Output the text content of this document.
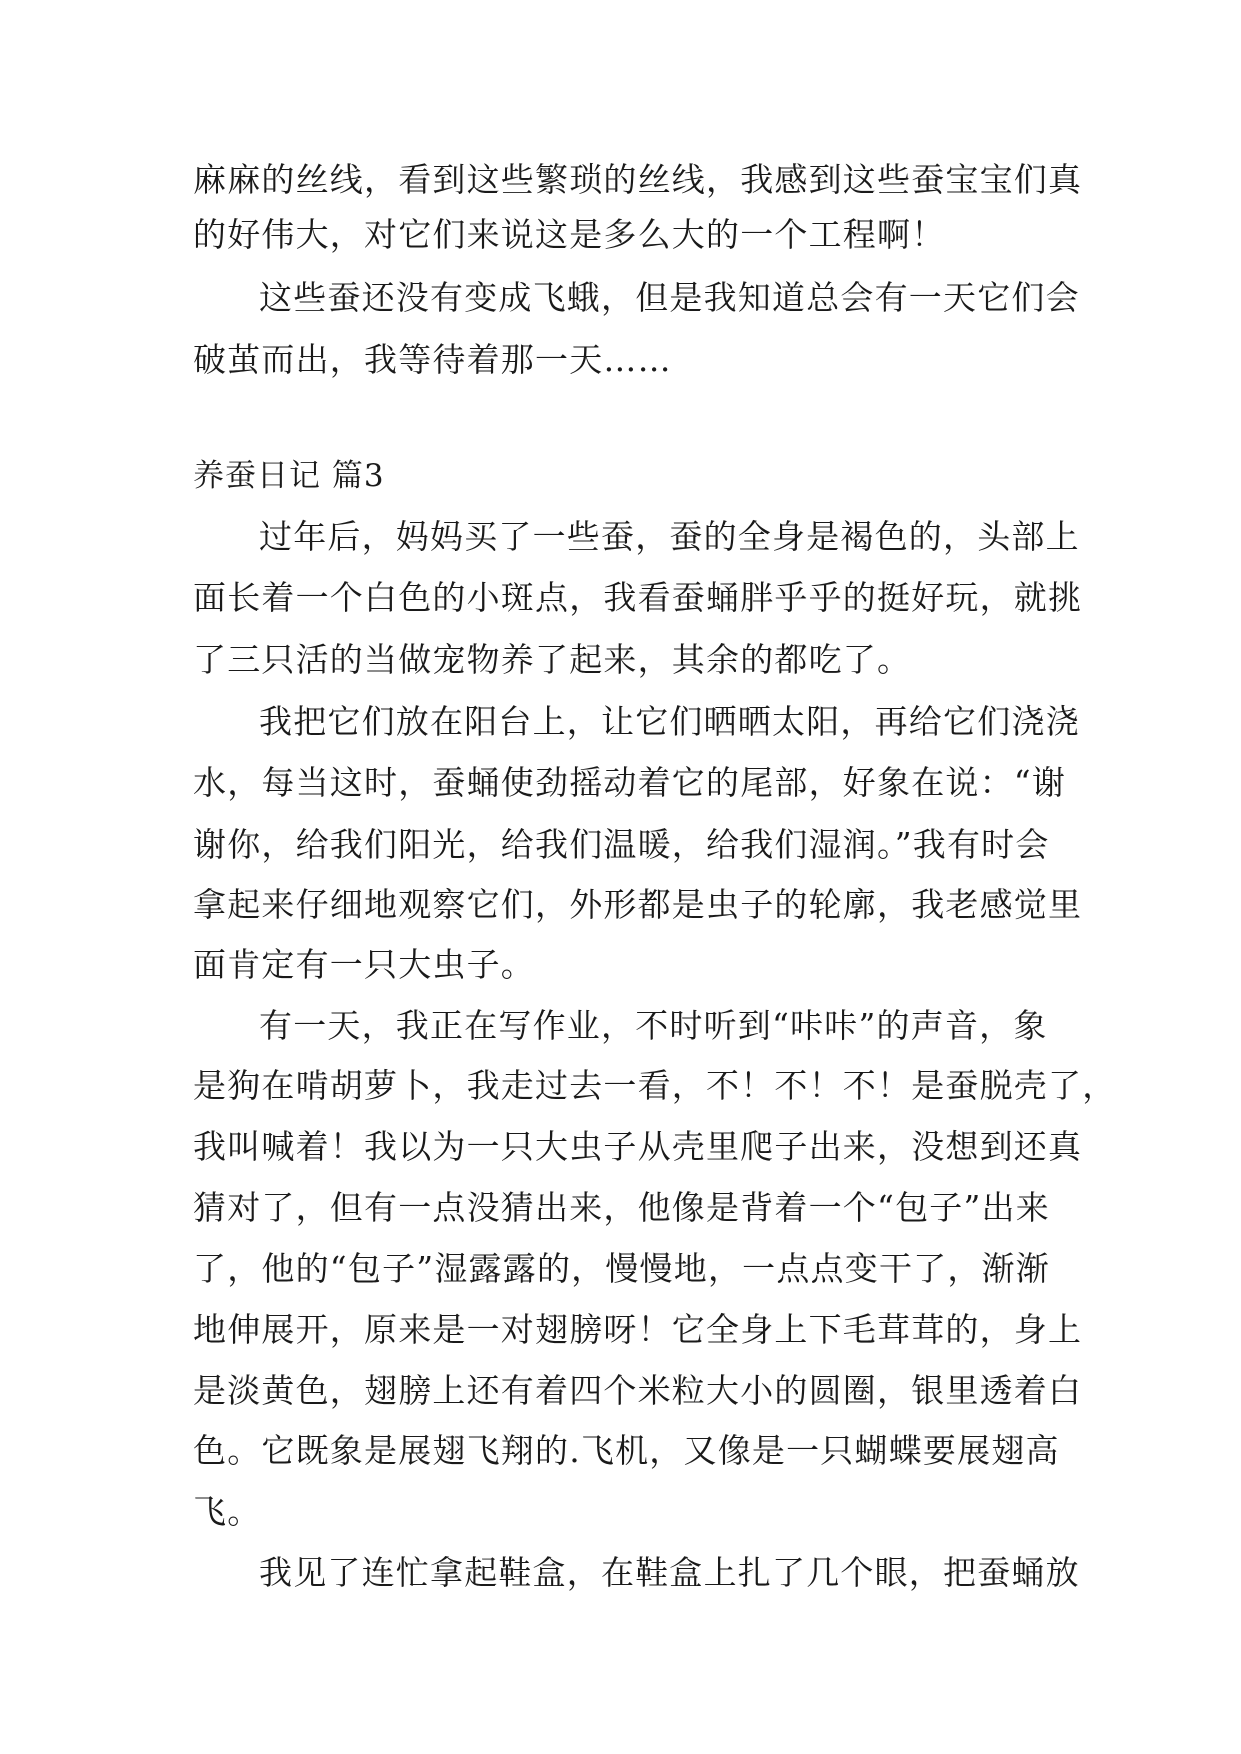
麻麻的丝线，看到这些繁琐的丝线，我感到这些蚕宝宝们真
的好伟大，对它们来说这是多么大的一个工程啊！
这些蚕还没有变成飞蛾，但是我知道总会有一天它们会
破茧而出，我等待着那一天……
养蚕日记 篇3
过年后，妈妈买了一些蚕，蚕的全身是褐色的，头部上
面长着一个白色的小斑点，我看蚕蛹胖乎乎的挺好玩，就挑
了三只活的当做宠物养了起来，其余的都吃了。
我把它们放在阳台上，让它们晒晒太阳，再给它们浇浇
水，每当这时，蚕蛹使劲摇动着它的尾部，好象在说：“谢
谢你，给我们阳光，给我们温暖，给我们湿润。”我有时会
拿起来仔细地观察它们，外形都是虫子的轮廓，我老感觉里
面肯定有一只大虫子。
有一天，我正在写作业，不时听到“咔咔”的声音，象
是狗在啃胡萝卜，我走过去一看，不！不！不！是蚕脱壳了，
我叫喊着！我以为一只大虫子从壳里爬子出来，没想到还真
猜对了，但有一点没猜出来，他像是背着一个“包子”出来
了，他的“包子”湿露露的，慢慢地，一点点变干了，渐渐
地伸展开，原来是一对翅膀呀！它全身上下毛茸茸的，身上
是淡黄色，翅膀上还有着四个米粒大小的圆圈，银里透着白
色。它既象是展翅飞翔的.飞机，又像是一只蝴蝶要展翅高
飞。
我见了连忙拿起鞋盒，在鞋盒上扎了几个眼，把蚕蛹放
